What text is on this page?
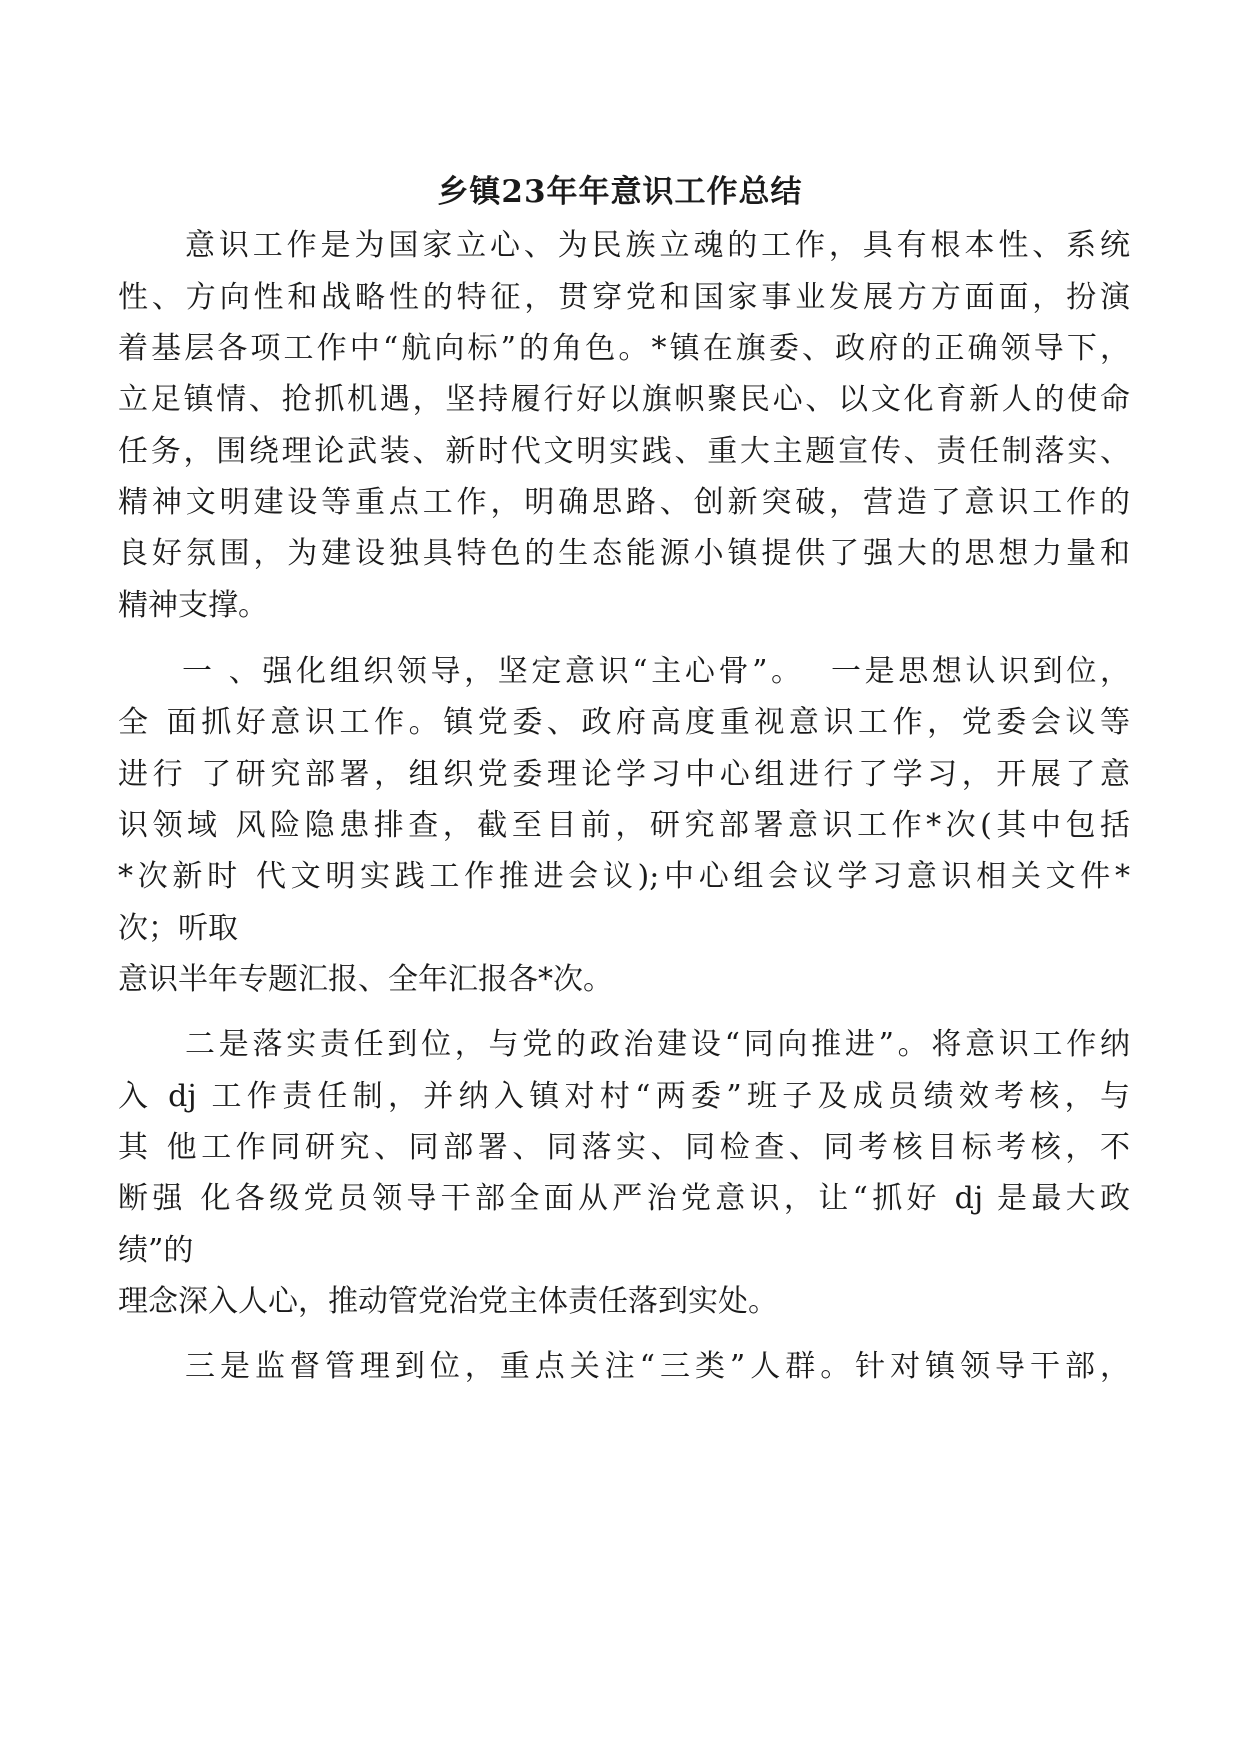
乡镇23年年意识工作总结
意识工作是为国家立心、为民族立魂的工作，具有根本性、系统
性、方向性和战略性的特征，贯穿党和国家事业发展方方面面，扮演
着基层各项工作中“航向标”的角色。*镇在旗委、政府的正确领导下，
立足镇情、抢抓机遇，坚持履行好以旗帜聚民心、以文化育新人的使命
任务，围绕理论武装、新时代文明实践、重大主题宣传、责任制落实、
精神文明建设等重点工作，明确思路、创新突破，营造了意识工作的
良好氛围，为建设独具特色的生态能源小镇提供了强大的思想力量和
精神支撑。
一 、强化组织领导，坚定意识“主心骨”。  一是思想认识到位，
全 面抓好意识工作。镇党委、政府高度重视意识工作，党委会议等
进行 了研究部署，组织党委理论学习中心组进行了学习，开展了意
识领域 风险隐患排查，截至目前，研究部署意识工作*次(其中包括
*次新时 代文明实践工作推进会议);中心组会议学习意识相关文件*
次；听取
意识半年专题汇报、全年汇报各*次。
二是落实责任到位，与党的政治建设“同向推进”。将意识工作纳
入 dj 工作责任制，并纳入镇对村“两委”班子及成员绩效考核，与
其 他工作同研究、同部署、同落实、同检查、同考核目标考核，不
断强 化各级党员领导干部全面从严治党意识，让“抓好 dj 是最大政
绩”的
理念深入人心，推动管党治党主体责任落到实处。
三是监督管理到位，重点关注“三类”人群。针对镇领导干部，
